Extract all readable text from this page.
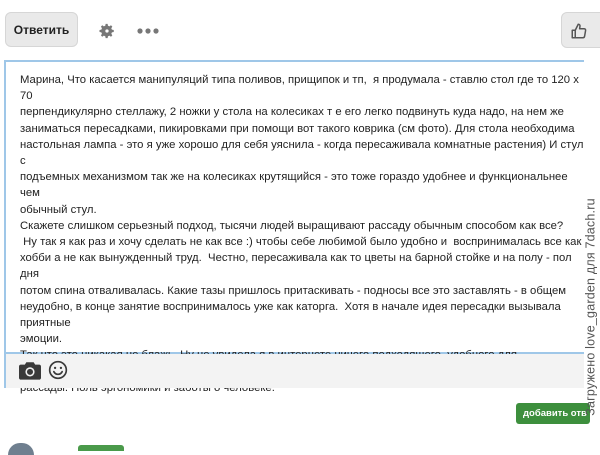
Ответить
Марина, Что касается манипуляций типа поливов, прищипок и тп,  я продумала - ставлю стол где то 120 х 70
перпендикулярно стеллажу, 2 ножки у стола на колесиках т е его легко подвинуть куда надо, на нем же
заниматься пересадками, пикировками при помощи вот такого коврика (см фото). Для стола необходима
настольная лампа - это я уже хорошо для себя уяснила - когда пересаживала комнатные растения) И стул с
подъемных механизмом так же на колесиках крутящийся - это тоже гораздо удобнее и функциональнее чем
обычный стул.
Скажете слишком серьезный подход, тысячи людей выращивают рассаду обычным способом как все?
Ну так я как раз и хочу сделать не как все :) чтобы себе любимой было удобно и  воспринималась все как
хобби а не как вынужденный труд.  Честно, пересаживала как то цветы на барной стойке и на полу - пол дня
потом спина отваливалась. Какие тазы пришлось притаскивать - подносы все это заставлять - в общем
неудобно, в конце занятие воспринималось уже как каторга.  Хотя в начале идея пересадки вызывала приятные
эмоции.
добавить отв
Загружено love_garden для 7dach.ru
